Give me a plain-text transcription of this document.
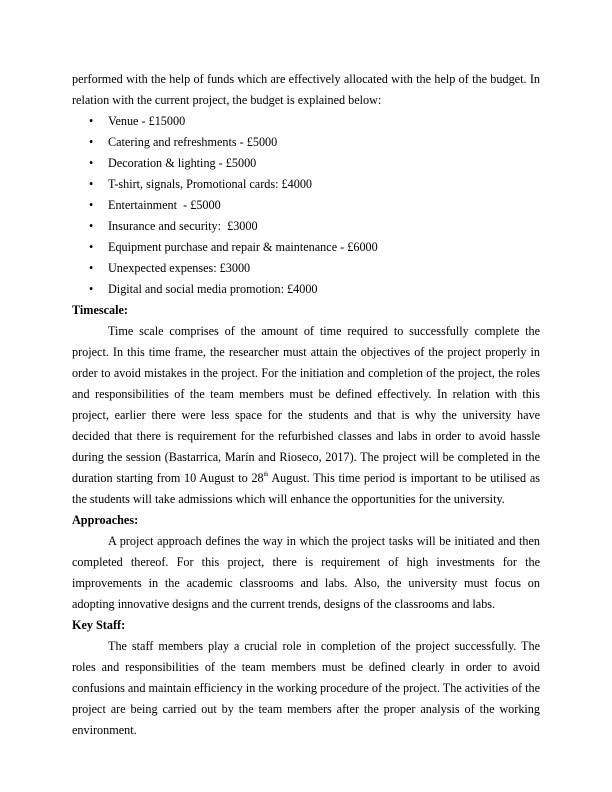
performed with the help of funds which are effectively allocated with the help of the budget. In relation with the current project, the budget is explained below:

• Venue - £15000
• Catering and refreshments - £5000
• Decoration & lighting - £5000
• T-shirt, signals, Promotional cards: £4000
• Entertainment  - £5000
• Insurance and security:  £3000
• Equipment purchase and repair & maintenance - £6000
• Unexpected expenses: £3000
• Digital and social media promotion: £4000
Timescale:

Time scale comprises of the amount of time required to successfully complete the project. In this time frame, the researcher must attain the objectives of the project properly in order to avoid mistakes in the project. For the initiation and completion of the project, the roles and responsibilities of the team members must be defined effectively. In relation with this project, earlier there were less space for the students and that is why the university have decided that there is requirement for the refurbished classes and labs in order to avoid hassle during the session (Bastarrica, Marín and Rioseco, 2017). The project will be completed in the duration starting from 10 August to 28th August. This time period is important to be utilised as the students will take admissions which will enhance the opportunities for the university.

Approaches:

A project approach defines the way in which the project tasks will be initiated and then completed thereof. For this project, there is requirement of high investments for the improvements in the academic classrooms and labs. Also, the university must focus on adopting innovative designs and the current trends, designs of the classrooms and labs.

Key Staff:

The staff members play a crucial role in completion of the project successfully. The roles and responsibilities of the team members must be defined clearly in order to avoid confusions and maintain efficiency in the working procedure of the project. The activities of the project are being carried out by the team members after the proper analysis of the working environment.
